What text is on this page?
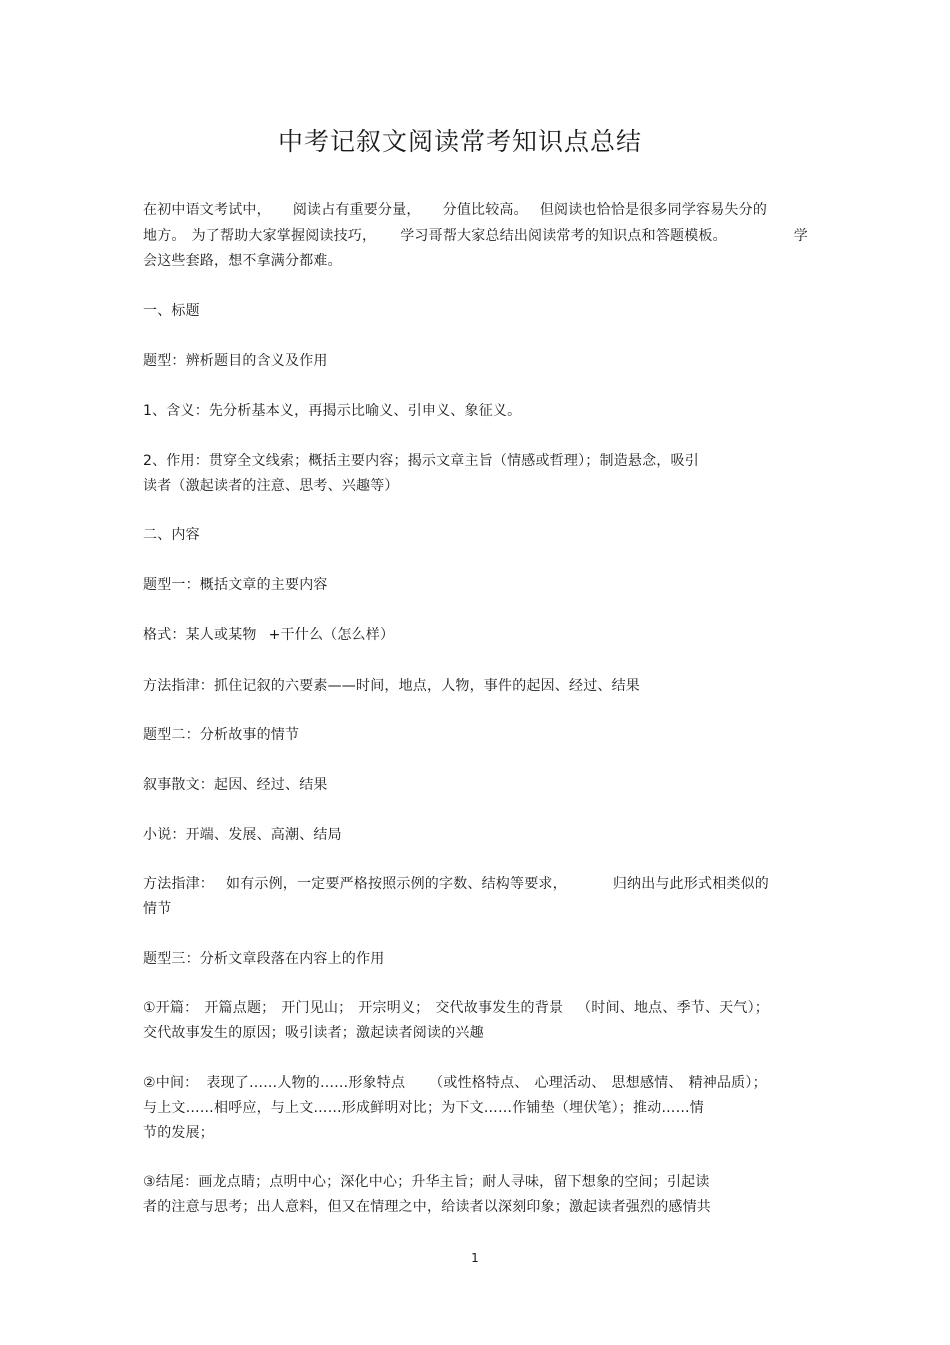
中考记叙文阅读常考知识点总结
在初中语文考试中， 阅读占有重要分量， 分值比较高。 但阅读也恰恰是很多同学容易失分的
地方。 为了帮助大家掌握阅读技巧， 学习哥帮大家总结出阅读常考的知识点和答题模板。	学
会这些套路，想不拿满分都难。
一、标题
题型：辨析题目的含义及作用
1、含义：先分析基本义，再揭示比喻义、引申义、象征义。
2、作用：贯穿全文线索；概括主要内容；揭示文章主旨（情感或哲理）；制造悬念，吸引
读者（激起读者的注意、思考、兴趣等）
二、内容
题型一：概括文章的主要内容
格式：某人或某物 +干什么（怎么样）
方法指津：抓住记叙的六要素——时间，地点，人物，事件的起因、经过、结果
题型二：分析故事的情节
叙事散文：起因、经过、结果
小说：开端、发展、高潮、结局
方法指津： 如有示例，一定要严格按照示例的字数、结构等要求，	归纳出与此形式相类似的
情节
题型三：分析文章段落在内容上的作用
①开篇： 开篇点题； 开门见山； 开宗明义； 交代故事发生的背景 （时间、地点、季节、天气）；
交代故事发生的原因；吸引读者；激起读者阅读的兴趣
②中间： 表现了……人物的……形象特点 （或性格特点、 心理活动、 思想感情、 精神品质）；
与上文……相呼应，与上文……形成鲜明对比；为下文……作铺垫（埋伏笔）；推动……情
节的发展；
③结尾：画龙点睛；点明中心；深化中心；升华主旨；耐人寻味，留下想象的空间；引起读
者的注意与思考；出人意料，但又在情理之中，给读者以深刻印象；激起读者强烈的感情共
1
